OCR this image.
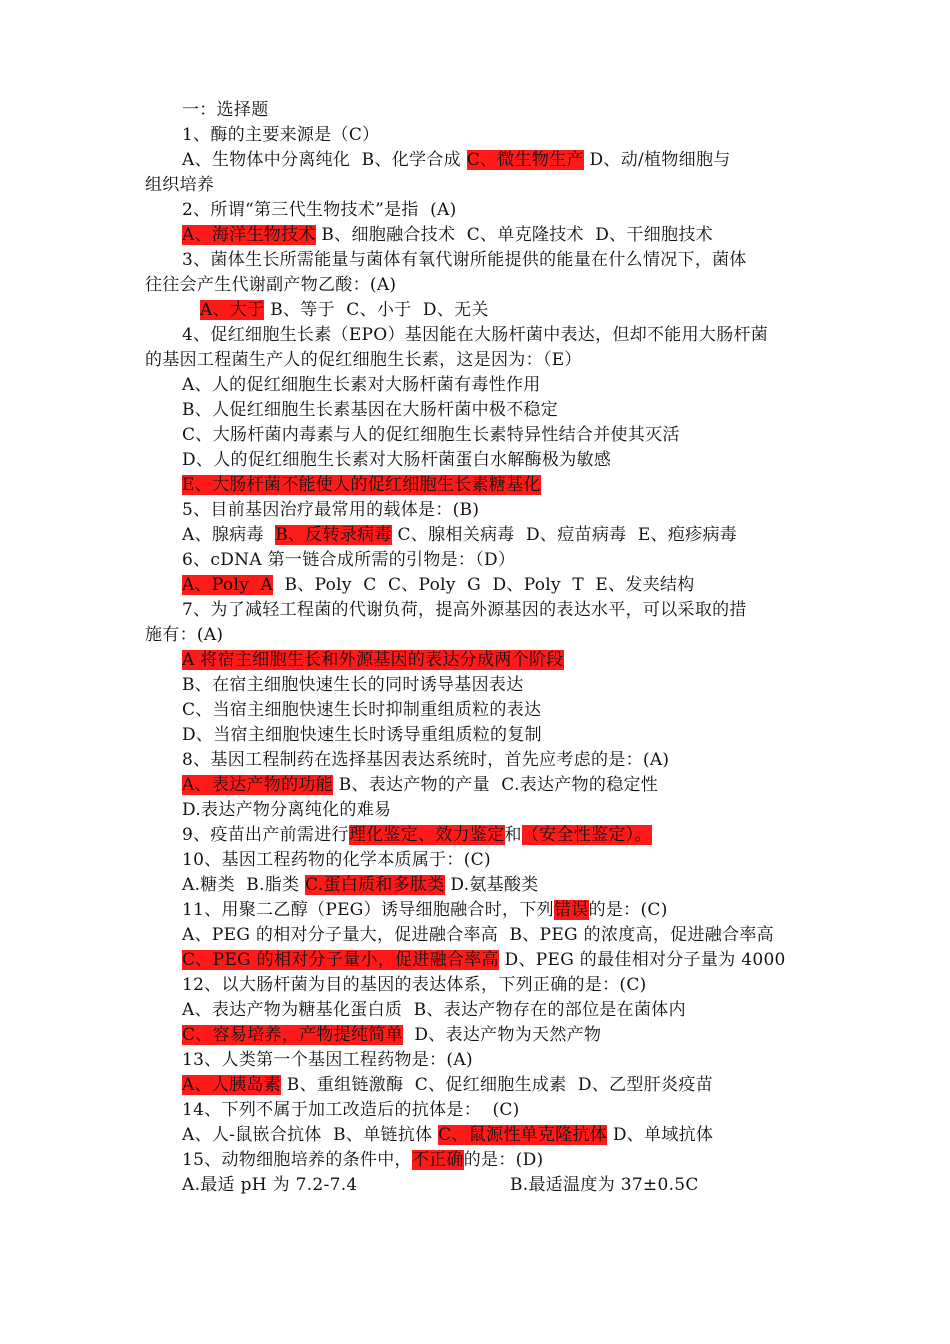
一：选择题
1、酶的主要来源是（C）
A、生物体中分离纯化  B、化学合成 C、微生物生产 D、动/植物细胞与
组织培养
2、所谓“第三代生物技术”是指  (A)
A、海洋生物技术 B、细胞融合技术  C、单克隆技术  D、干细胞技术
3、菌体生长所需能量与菌体有氧代谢所能提供的能量在什么情况下，菌体
往往会产生代谢副产物乙酸：(A)
A、大于 B、等于  C、小于  D、无关
4、促红细胞生长素（EPO）基因能在大肠杆菌中表达，但却不能用大肠杆菌
的基因工程菌生产人的促红细胞生长素，这是因为：（E）
A、人的促红细胞生长素对大肠杆菌有毒性作用
B、人促红细胞生长素基因在大肠杆菌中极不稳定
C、大肠杆菌内毒素与人的促红细胞生长素特异性结合并使其灭活
D、人的促红细胞生长素对大肠杆菌蛋白水解酶极为敏感
E、大肠杆菌不能使人的促红细胞生长素糖基化
5、目前基因治疗最常用的载体是：(B)
A、腺病毒  B、反转录病毒 C、腺相关病毒  D、痘苗病毒  E、疱疹病毒
6、cDNA 第一链合成所需的引物是：（D）
A、Poly  A  B、Poly  C  C、Poly  G  D、Poly  T  E、发夹结构
7、为了减轻工程菌的代谢负荷，提高外源基因的表达水平，可以采取的措
施有：(A)
A 将宿主细胞生长和外源基因的表达分成两个阶段
B、在宿主细胞快速生长的同时诱导基因表达
C、当宿主细胞快速生长时抑制重组质粒的表达
D、当宿主细胞快速生长时诱导重组质粒的复制
8、基因工程制药在选择基因表达系统时，首先应考虑的是：(A)
A、表达产物的功能 B、表达产物的产量  C.表达产物的稳定性
D.表达产物分离纯化的难易
9、疫苗出产前需进行理化鉴定、效力鉴定和（安全性鉴定）。
10、基因工程药物的化学本质属于：(C)
A.糖类  B.脂类 C.蛋白质和多肽类 D.氨基酸类
11、用聚二乙醇（PEG）诱导细胞融合时，下列错误的是：(C)
A、PEG 的相对分子量大，促进融合率高  B、PEG 的浓度高，促进融合率高
C、PEG 的相对分子量小，促进融合率高 D、PEG 的最佳相对分子量为 4000
12、以大肠杆菌为目的基因的表达体系，下列正确的是：(C)
A、表达产物为糖基化蛋白质  B、表达产物存在的部位是在菌体内
C、容易培养，产物提纯简单  D、表达产物为天然产物
13、人类第一个基因工程药物是：(A)
A、人胰岛素 B、重组链激酶  C、促红细胞生成素  D、乙型肝炎疫苗
14、下列不属于加工改造后的抗体是：  (C)
A、人-鼠嵌合抗体  B、单链抗体 C、鼠源性单克隆抗体 D、单域抗体
15、动物细胞培养的条件中，不正确的是：(D)
A.最适 pH 为 7.2-7.4	B.最适温度为 37±0.5C
